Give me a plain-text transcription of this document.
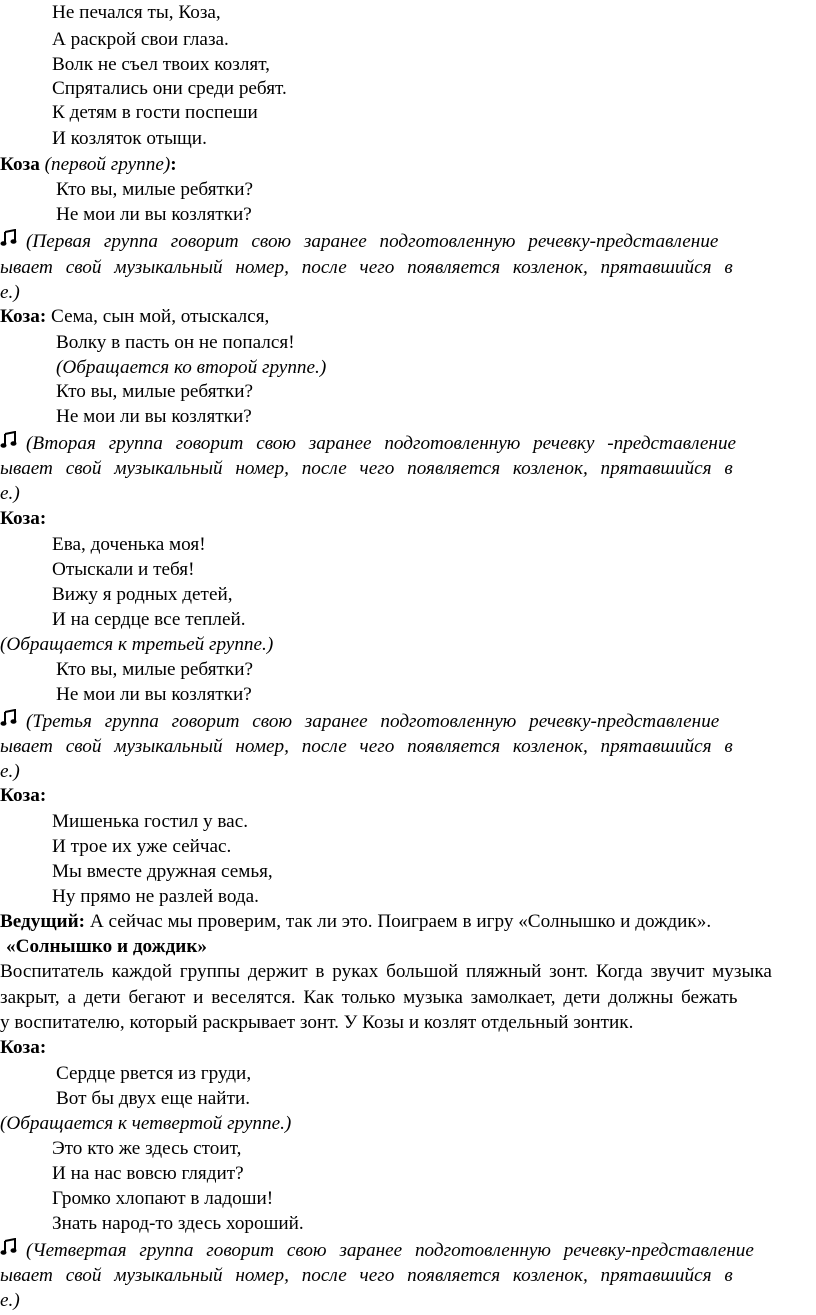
Не печался ты, Коза,
А раскрой свои глаза.
Волк не съел твоих козлят,
Спрятались они среди ребят.
К детям в гости поспеши
И козляток отыщи.
Коза (первой группе):
Кто вы, милые ребятки?
Не мои ли вы козлятки?
(Первая группа говорит свою заранее подготовленную речевку-представление
ывает свой музыкальный номер, после чего появляется козленок, прятавшийся в
е.)
Коза: Сема, сын мой, отыскался,
Волку в пасть он не попался!
(Обращается ко второй группе.)
Кто вы, милые ребятки?
Не мои ли вы козлятки?
(Вторая группа говорит свою заранее подготовленную речевку -представление
ывает свой музыкальный номер, после чего появляется козленок, прятавшийся в
е.)
Коза:
Ева, доченька моя!
Отыскали и тебя!
Вижу я родных детей,
И на сердце все теплей.
(Обращается к третьей группе.)
Кто вы, милые ребятки?
Не мои ли вы козлятки?
(Третья группа говорит свою заранее подготовленную речевку-представление
ывает свой музыкальный номер, после чего появляется козленок, прятавшийся в
е.)
Коза:
Мишенька гостил у вас.
И трое их уже сейчас.
Мы вместе дружная семья,
Ну прямо не разлей вода.
Ведущий: А сейчас мы проверим, так ли это. Поиграем в игру «Солнышко и дождик».
«Солнышко и дождик»
Воспитатель каждой группы держит в руках большой пляжный зонт. Когда звучит музыка
закрыт, а дети бегают и веселятся. Как только музыка замолкает, дети должны бежать
у воспитателю, который раскрывает зонт. У Козы и козлят отдельный зонтик.
Коза:
Сердце рвется из груди,
Вот бы двух еще найти.
(Обращается к четвертой группе.)
Это кто же здесь стоит,
И на нас вовсю глядит?
Громко хлопают в ладоши!
Знать народ-то здесь хороший.
(Четвертая группа говорит свою заранее подготовленную речевку-представление
ывает свой музыкальный номер, после чего появляется козленок, прятавшийся в
е.)
